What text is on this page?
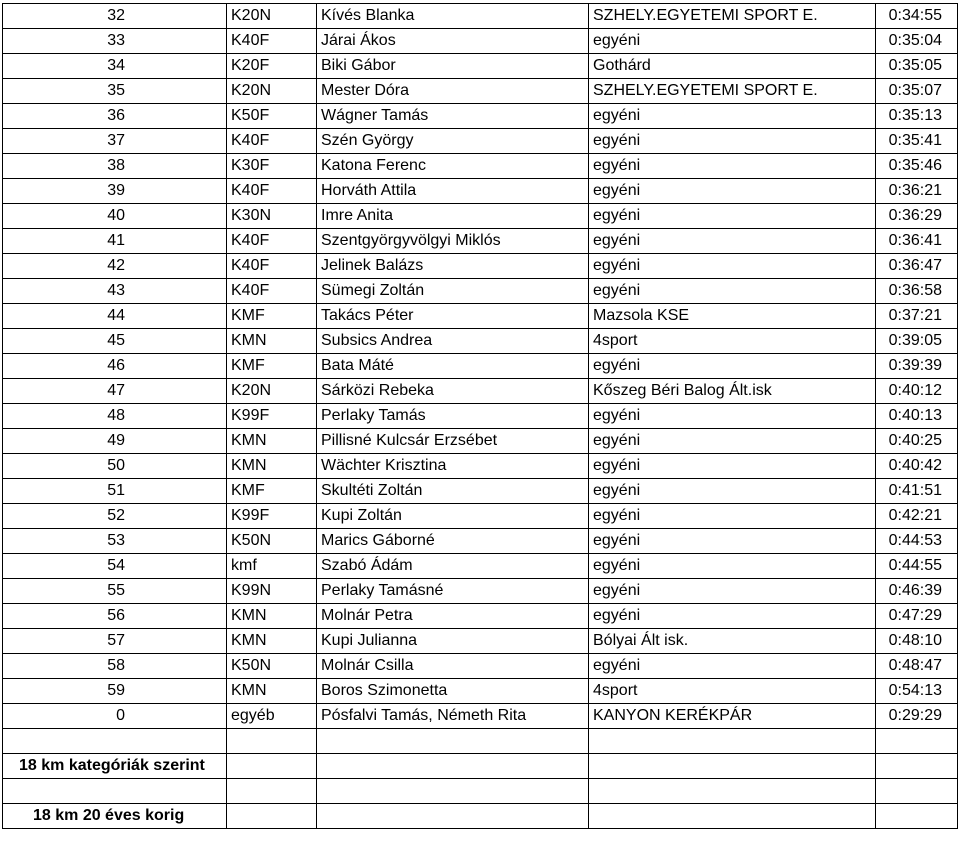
32	K20N	Kívés Blanka	SZHELY.EGYETEMI SPORT E.	0:34:55
33	K40F	Járai Ákos	egyéni	0:35:04
34	K20F	Biki Gábor	Gothárd	0:35:05
35	K20N	Mester Dóra	SZHELY.EGYETEMI SPORT E.	0:35:07
36	K50F	Wágner Tamás	egyéni	0:35:13
37	K40F	Szén György	egyéni	0:35:41
38	K30F	Katona Ferenc	egyéni	0:35:46
39	K40F	Horváth Attila	egyéni	0:36:21
40	K30N	Imre Anita	egyéni	0:36:29
41	K40F	Szentgyörgyvölgyi Miklós	egyéni	0:36:41
42	K40F	Jelinek Balázs	egyéni	0:36:47
43	K40F	Sümegi Zoltán	egyéni	0:36:58
44	KMF	Takács Péter	Mazsola KSE	0:37:21
45	KMN	Subsics Andrea	4sport	0:39:05
46	KMF	Bata Máté	egyéni	0:39:39
47	K20N	Sárközi Rebeka	Kőszeg Béri Balog Ált.isk	0:40:12
48	K99F	Perlaky Tamás	egyéni	0:40:13
49	KMN	Pillisné Kulcsár Erzsébet	egyéni	0:40:25
50	KMN	Wächter Krisztina	egyéni	0:40:42
51	KMF	Skultéti Zoltán	egyéni	0:41:51
52	K99F	Kupi Zoltán	egyéni	0:42:21
53	K50N	Marics Gáborné	egyéni	0:44:53
54	kmf	Szabó Ádám	egyéni	0:44:55
55	K99N	Perlaky Tamásné	egyéni	0:46:39
56	KMN	Molnár Petra	egyéni	0:47:29
57	KMN	Kupi Julianna	Bólyai Ált isk.	0:48:10
58	K50N	Molnár Csilla	egyéni	0:48:47
59	KMN	Boros Szimonetta	4sport	0:54:13
0	egyéb	Pósfalvi Tamás, Németh Rita	KANYON KERÉKPÁR	0:29:29

18 km kategóriák szerint				

18 km 20 éves korig				
